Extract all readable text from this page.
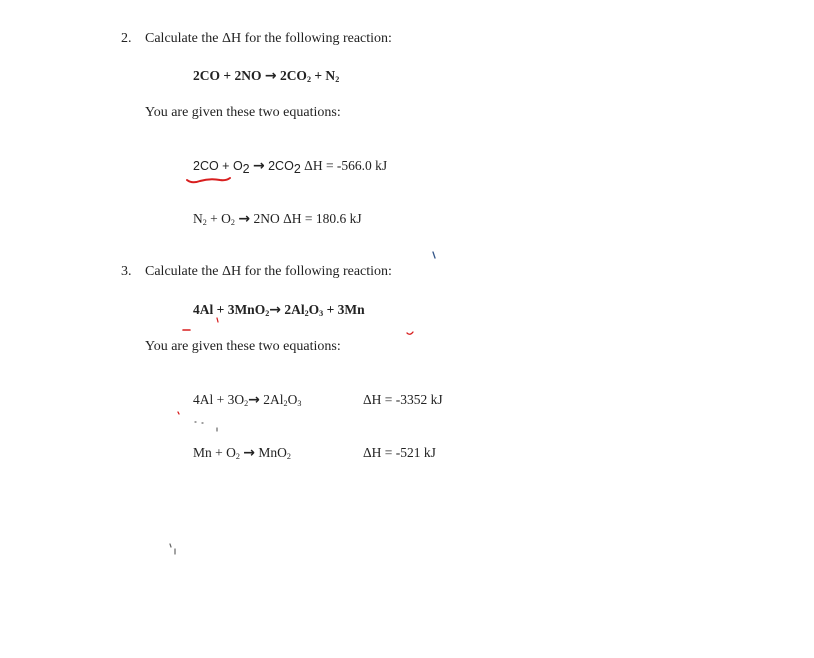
2. Calculate the ΔH for the following reaction:
$2CO + 2NO \to 2CO_2 + N_2$
You are given these two equations:
$2CO + O_2 \to 2CO_2$ ΔH = -566.0 kJ
$N_2 + O_2 \to 2NO$ ΔH = 180.6 kJ
3. Calculate the ΔH for the following reaction:
$4Al + 3MnO_2\to 2Al_2O_3 + 3Mn$
You are given these two equations:
$4Al + 3O_2\to 2Al_2O_3$	ΔH = -3352 kJ
$Mn + O_2 \to MnO_2$	ΔH = -521 kJ
